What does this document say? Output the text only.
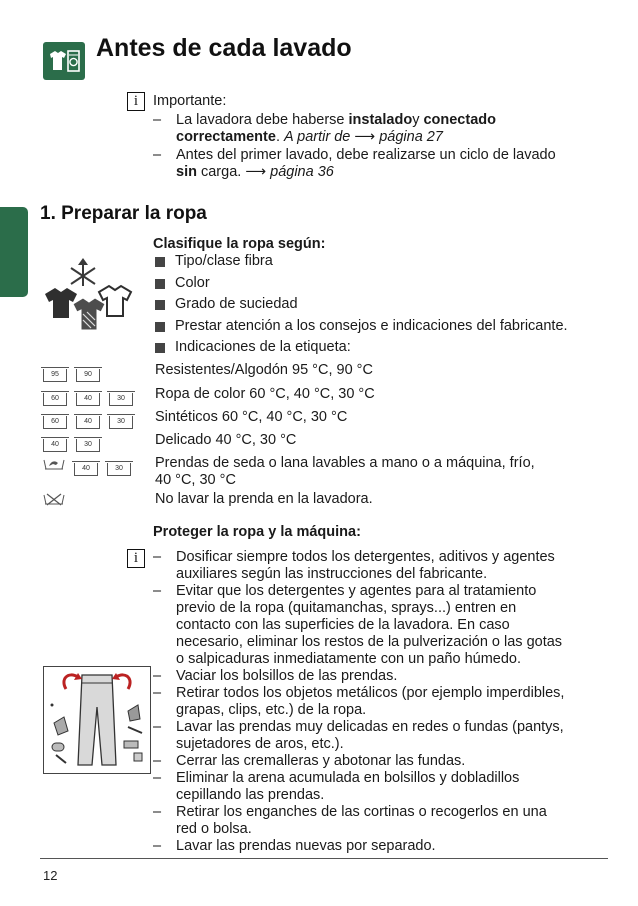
Antes de cada lavado
i	Importante:
–	La lavadora debe haberse instaladoy conectado
correctamente. A partir de ⟶ página 27
–	Antes del primer lavado, debe realizarse un ciclo de lavado
sin carga. ⟶ página 36
1. Preparar la ropa
Clasifique la ropa según:
Tipo/clase fibra
Color
Grado de suciedad
Prestar atención a los consejos e indicaciones del fabricante.
Indicaciones de la etiqueta:
95	90	Resistentes/Algodón 95 °C, 90 °C
60	40	30	Ropa de color 60 °C, 40 °C, 30 °C
60	40	30	Sintéticos 60 °C, 40 °C, 30 °C
40	30	Delicado 40 °C, 30 °C
40	30	Prendas de seda o lana lavables a mano o a máquina, frío,
40 °C, 30 °C
No lavar la prenda en la lavadora.
Proteger la ropa y la máquina:
i	– Dosificar siempre todos los detergentes, aditivos y agentes
auxiliares según las instrucciones del fabricante.
– Evitar que los detergentes y agentes para al tratamiento
previo de la ropa (quitamanchas, sprays...) entren en
contacto con las superficies de la lavadora. En caso
necesario, eliminar los restos de la pulverización o las gotas
o salpicaduras inmediatamente con un paño húmedo.
– Vaciar los bolsillos de las prendas.
– Retirar todos los objetos metálicos (por ejemplo imperdibles,
grapas, clips, etc.) de la ropa.
– Lavar las prendas muy delicadas en redes o fundas (pantys,
sujetadores de aros, etc.).
– Cerrar las cremalleras y abotonar las fundas.
– Eliminar la arena acumulada en bolsillos y dobladillos
cepillando las prendas.
– Retirar los enganches de las cortinas o recogerlos en una
red o bolsa.
– Lavar las prendas nuevas por separado.
12
